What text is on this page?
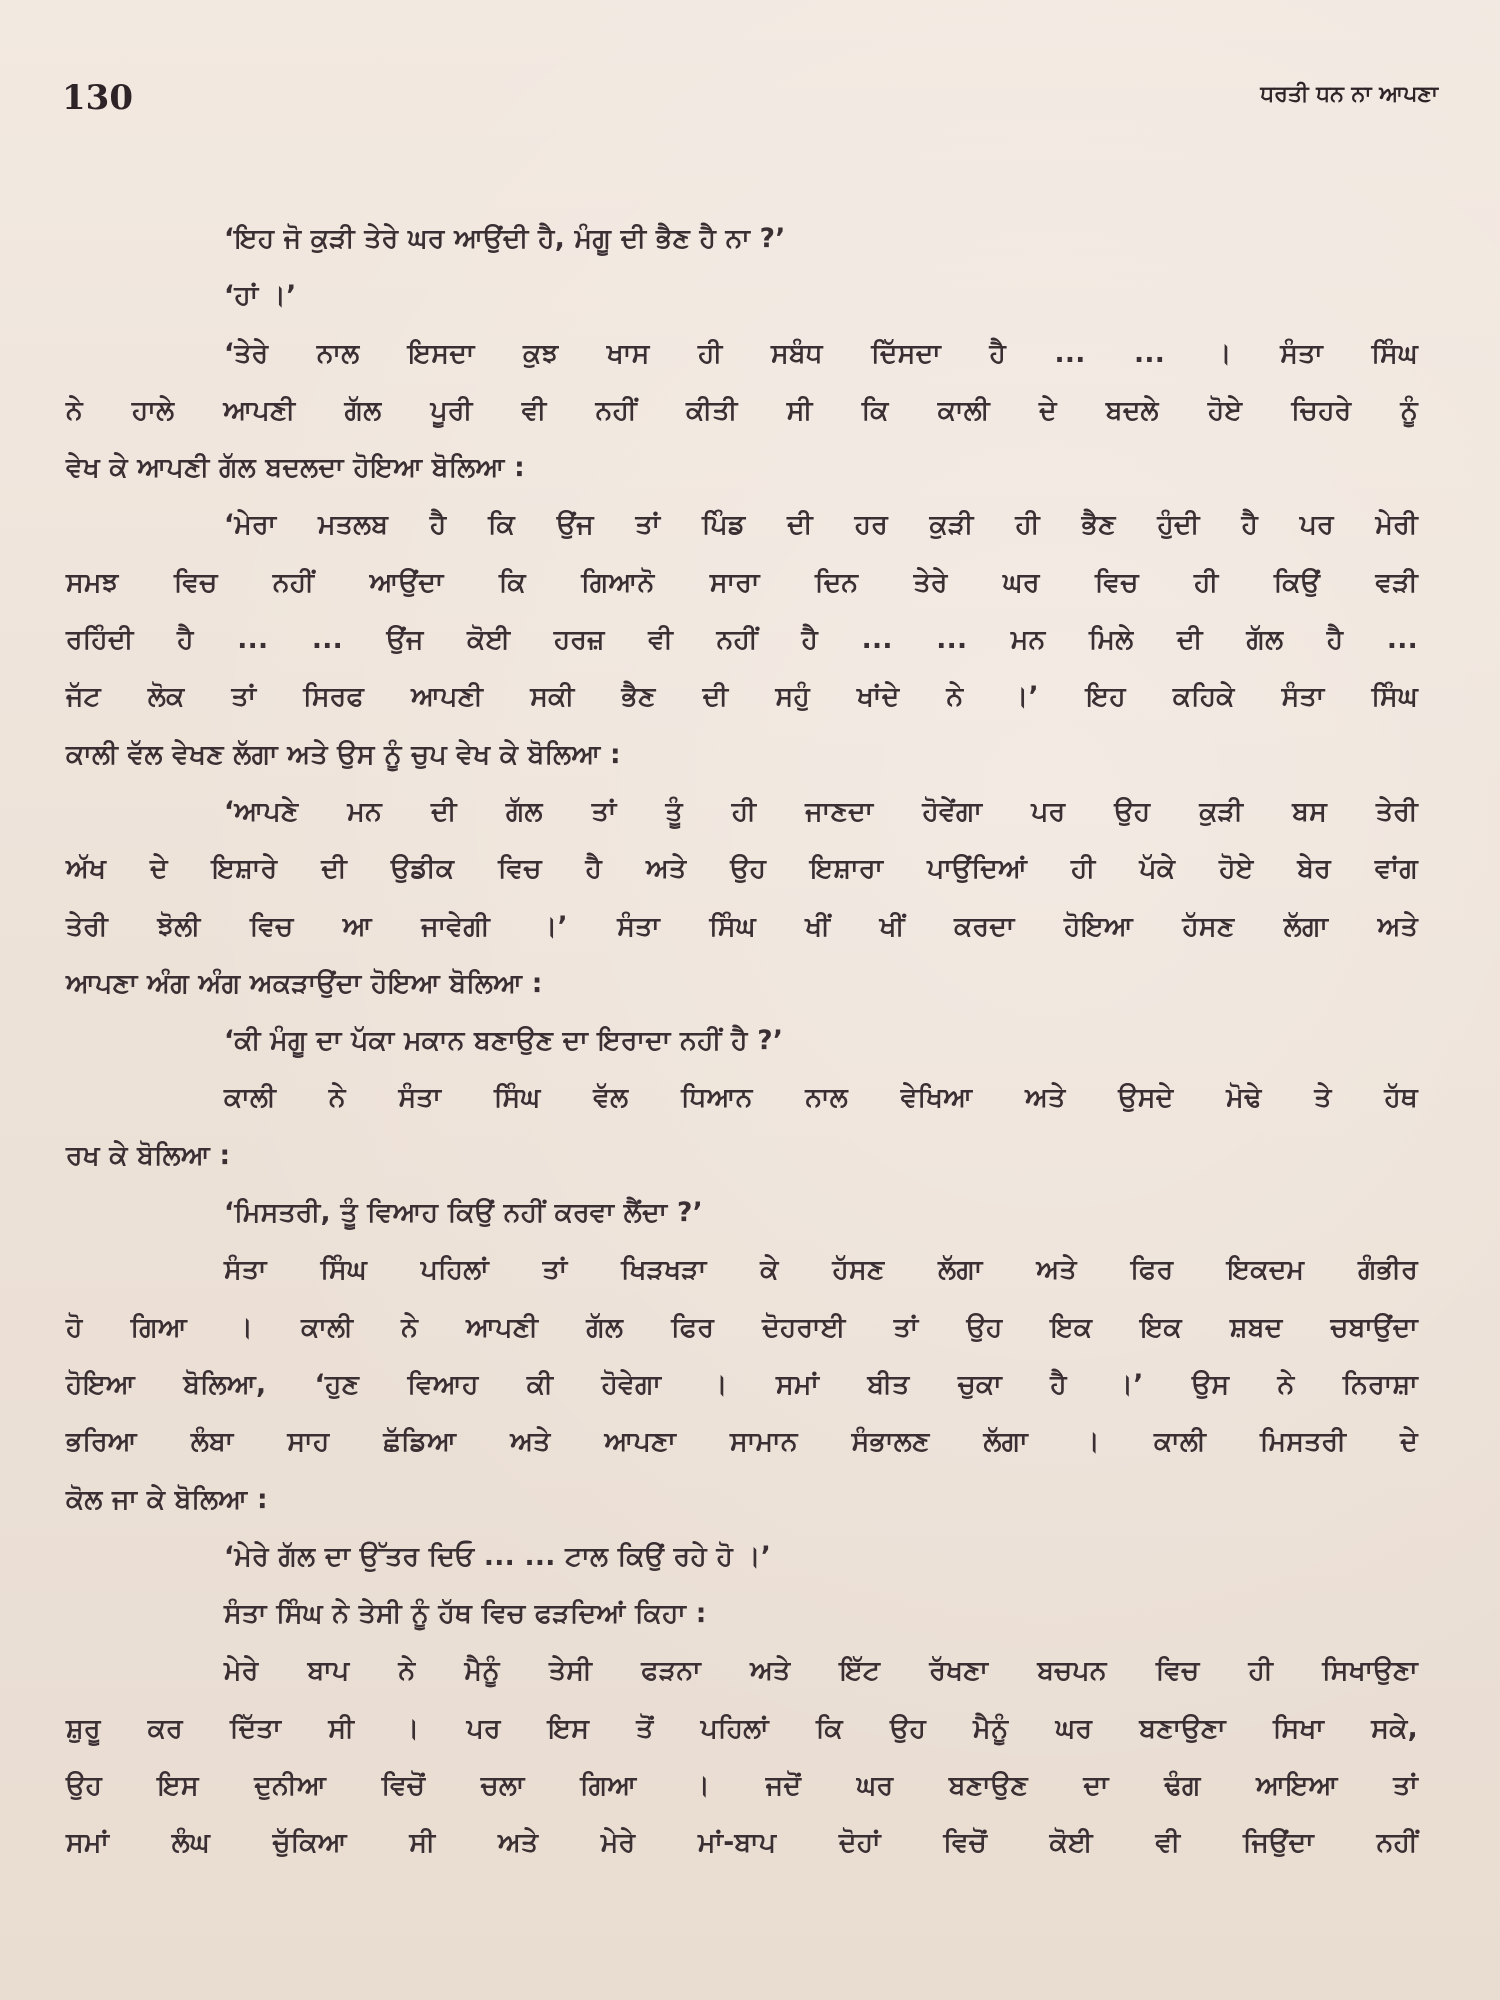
130	ਧਰਤੀ ਧਨ ਨਾ ਆਪਣਾ
‘ਇਹ ਜੋ ਕੁੜੀ ਤੇਰੇ ਘਰ ਆਉਂਦੀ ਹੈ, ਮੰਗੂ ਦੀ ਭੈਣ ਹੈ ਨਾ ?’
‘ਹਾਂ ।’
‘ਤੇਰੇ ਨਾਲ ਇਸਦਾ ਕੁਝ ਖਾਸ ਹੀ ਸਬੰਧ ਦਿੱਸਦਾ ਹੈ ... ... । ਸੰਤਾ ਸਿੰਘ
ਨੇ ਹਾਲੇ ਆਪਣੀ ਗੱਲ ਪੂਰੀ ਵੀ ਨਹੀਂ ਕੀਤੀ ਸੀ ਕਿ ਕਾਲੀ ਦੇ ਬਦਲੇ ਹੋਏ ਚਿਹਰੇ ਨੂੰ
ਵੇਖ ਕੇ ਆਪਣੀ ਗੱਲ ਬਦਲਦਾ ਹੋਇਆ ਬੋਲਿਆ :
‘ਮੇਰਾ ਮਤਲਬ ਹੈ ਕਿ ਉਂਜ ਤਾਂ ਪਿੰਡ ਦੀ ਹਰ ਕੁੜੀ ਹੀ ਭੈਣ ਹੁੰਦੀ ਹੈ ਪਰ ਮੇਰੀ
ਸਮਝ ਵਿਚ ਨਹੀਂ ਆਉਂਦਾ ਕਿ ਗਿਆਨੋ ਸਾਰਾ ਦਿਨ ਤੇਰੇ ਘਰ ਵਿਚ ਹੀ ਕਿਉਂ ਵੜੀ
ਰਹਿੰਦੀ ਹੈ ... ... ਉਂਜ ਕੋਈ ਹਰਜ਼ ਵੀ ਨਹੀਂ ਹੈ ... ... ਮਨ ਮਿਲੇ ਦੀ ਗੱਲ ਹੈ ...
ਜੱਟ ਲੋਕ ਤਾਂ ਸਿਰਫ ਆਪਣੀ ਸਕੀ ਭੈਣ ਦੀ ਸਹੁੰ ਖਾਂਦੇ ਨੇ ।’ ਇਹ ਕਹਿਕੇ ਸੰਤਾ ਸਿੰਘ
ਕਾਲੀ ਵੱਲ ਵੇਖਣ ਲੱਗਾ ਅਤੇ ਉਸ ਨੂੰ ਚੁਪ ਵੇਖ ਕੇ ਬੋਲਿਆ :
‘ਆਪਣੇ ਮਨ ਦੀ ਗੱਲ ਤਾਂ ਤੂੰ ਹੀ ਜਾਣਦਾ ਹੋਵੇਂਗਾ ਪਰ ਉਹ ਕੁੜੀ ਬਸ ਤੇਰੀ
ਅੱਖ ਦੇ ਇਸ਼ਾਰੇ ਦੀ ਉਡੀਕ ਵਿਚ ਹੈ ਅਤੇ ਉਹ ਇਸ਼ਾਰਾ ਪਾਉਂਦਿਆਂ ਹੀ ਪੱਕੇ ਹੋਏ ਬੇਰ ਵਾਂਗ
ਤੇਰੀ ਝੋਲੀ ਵਿਚ ਆ ਜਾਵੇਗੀ ।’ ਸੰਤਾ ਸਿੰਘ ਖੀਂ ਖੀਂ ਕਰਦਾ ਹੋਇਆ ਹੱਸਣ ਲੱਗਾ ਅਤੇ
ਆਪਣਾ ਅੰਗ ਅੰਗ ਅਕੜਾਉਂਦਾ ਹੋਇਆ ਬੋਲਿਆ :
‘ਕੀ ਮੰਗੂ ਦਾ ਪੱਕਾ ਮਕਾਨ ਬਣਾਉਣ ਦਾ ਇਰਾਦਾ ਨਹੀਂ ਹੈ ?’
ਕਾਲੀ ਨੇ ਸੰਤਾ ਸਿੰਘ ਵੱਲ ਧਿਆਨ ਨਾਲ ਵੇਖਿਆ ਅਤੇ ਉਸਦੇ ਮੋਢੇ ਤੇ ਹੱਥ
ਰਖ ਕੇ ਬੋਲਿਆ :
‘ਮਿਸਤਰੀ, ਤੂੰ ਵਿਆਹ ਕਿਉਂ ਨਹੀਂ ਕਰਵਾ ਲੈਂਦਾ ?’
ਸੰਤਾ ਸਿੰਘ ਪਹਿਲਾਂ ਤਾਂ ਖਿੜਖੜਾ ਕੇ ਹੱਸਣ ਲੱਗਾ ਅਤੇ ਫਿਰ ਇਕਦਮ ਗੰਭੀਰ
ਹੋ ਗਿਆ । ਕਾਲੀ ਨੇ ਆਪਣੀ ਗੱਲ ਫਿਰ ਦੋਹਰਾਈ ਤਾਂ ਉਹ ਇਕ ਇਕ ਸ਼ਬਦ ਚਬਾਉਂਦਾ
ਹੋਇਆ ਬੋਲਿਆ, ‘ਹੁਣ ਵਿਆਹ ਕੀ ਹੋਵੇਗਾ । ਸਮਾਂ ਬੀਤ ਚੁਕਾ ਹੈ ।’ ਉਸ ਨੇ ਨਿਰਾਸ਼ਾ
ਭਰਿਆ ਲੰਬਾ ਸਾਹ ਛੱਡਿਆ ਅਤੇ ਆਪਣਾ ਸਾਮਾਨ ਸੰਭਾਲਣ ਲੱਗਾ । ਕਾਲੀ ਮਿਸਤਰੀ ਦੇ
ਕੋਲ ਜਾ ਕੇ ਬੋਲਿਆ :
‘ਮੇਰੇ ਗੱਲ ਦਾ ਉੱਤਰ ਦਿਓ ... ... ਟਾਲ ਕਿਉਂ ਰਹੇ ਹੋ ।’
ਸੰਤਾ ਸਿੰਘ ਨੇ ਤੇਸੀ ਨੂੰ ਹੱਥ ਵਿਚ ਫੜਦਿਆਂ ਕਿਹਾ :
ਮੇਰੇ ਬਾਪ ਨੇ ਮੈਨੂੰ ਤੇਸੀ ਫੜਨਾ ਅਤੇ ਇੱਟ ਰੱਖਣਾ ਬਚਪਨ ਵਿਚ ਹੀ ਸਿਖਾਉਣਾ
ਸ਼ੁਰੂ ਕਰ ਦਿੱਤਾ ਸੀ । ਪਰ ਇਸ ਤੋਂ ਪਹਿਲਾਂ ਕਿ ਉਹ ਮੈਨੂੰ ਘਰ ਬਣਾਉਣਾ ਸਿਖਾ ਸਕੇ,
ਉਹ ਇਸ ਦੁਨੀਆ ਵਿਚੋਂ ਚਲਾ ਗਿਆ । ਜਦੋਂ ਘਰ ਬਣਾਉਣ ਦਾ ਢੰਗ ਆਇਆ ਤਾਂ
ਸਮਾਂ ਲੰਘ ਚੁੱਕਿਆ ਸੀ ਅਤੇ ਮੇਰੇ ਮਾਂ-ਬਾਪ ਦੋਹਾਂ ਵਿਚੋਂ ਕੋਈ ਵੀ ਜਿਉਂਦਾ ਨਹੀਂ
